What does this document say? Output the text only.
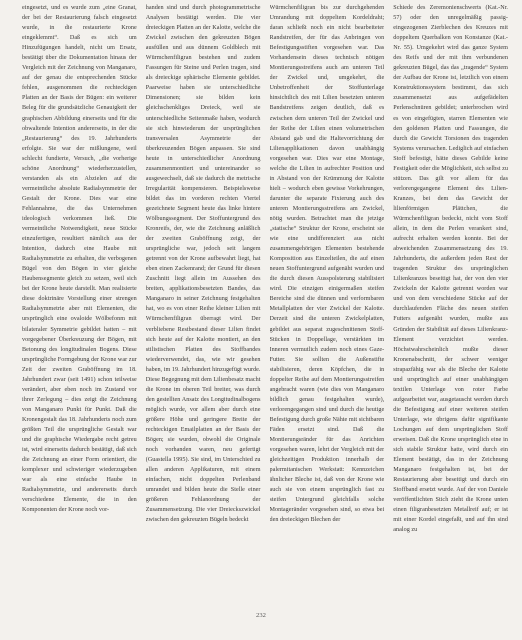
eingesetzt, und es wurde zum „eine Granat, der bei der Restaurierung falsch eingesetzt wurde, in die restaurierte Krone eingeklemmt“. Daß es sich um Hinzufügungen handelt, nicht um Ersatz, bestätigt über die Dokumentation hinaus der Vergleich mit der Zeichnung von Manganaro, auf der genau die entsprechenden Stücke fehlen, ausgenommen die rechteckigen Platten an der Basis der Bügen: ein weiterer Beleg für die grundsätzliche Genauigkeit der graphischen Abbildung einerseits und für die obwaltende Intention andererseits, in der die „Restaurierung“ des 19. Jahrhunderts erfolgte. Sie war der mißlungene, weil schlecht fundierte, Versuch, „die vorherige schöne Anordnung“ wiederherzustellen, verstanden als ein Abzielen auf die vermeintliche absolute Radialsymmetrie der Gestalt der Krone. Dies war eine Fehlannahme, die das Unternehmen ideologisch verkommen ließ. Die vermeintliche Notwendigkeit, neue Stücke einzufertigen, resultiert nämlich aus der Intention, dadurch eine Haube mit Radialsymmetrie zu erhalten, die verbogenen Bügel von den Bögen in vier gleiche Haubensegmente gleich zu setzen, weil sich bei der Krone heute darstellt. Man realisierte diese doktrinäre Vorstellung einer strengen Radialsymmetrie aber mit Elementen, die ursprünglich eine ovaloide Wölbefonm mit bilateraler Symmetrie gebildet hatten – mit vorgegebener Überkreuzung der Bögen, mit Betonung des longitudinalen Bogens. Diese ursprüngliche Formgebung der Krone war zur Zeit der zweiten Graböffnung im 18. Jahrhundert zwar (seit 1491) schon teilweise verändert, aber eben noch im Zustand vor ihrer Zerlegung – dies zeigt die Zeichnung von Manganaro Punkt für Punkt. Daß die Kronengestalt das 18. Jahrhunderts noch zum größten Teil die ursprüngliche Gestalt war und die graphische Wiedergabe recht getreu ist, wird einerseits dadurch bestätigt, daß sich die Zeichnung an einer Form orientiert, die komplexer und schwieriger wiederzugeben war als eine einfache Haube in Radialsymmetrie, und andererseits durch verschiedene Elemente, die in den Komponenten der Krone noch vor-

handen sind und durch photogrammetrische Analysen bestätigt werden. Die vier dreieckigen Platten an der Kalotte, welche die Zwickel zwischen den gekreuzten Bögen ausfüllen und aus dünnem Goldblech mit Würmchenfiligran bestehen und zudem Fassungen für Steine und Perlen tragen, sind als dreieckige sphärische Elemente gebildet. Paarweise haben sie unterschiedliche Dimensionen; sie bilden kein gleichschenkliges Dreieck, weil sie unterschiedliche Seitenmaße haben, wodurch sie sich hinwiederum der ursprünglichen transversalen Asymmetrie der überkreuzenden Bögen anpassen. Sie sind heute in unterschiedlicher Anordnung zusammenmontiert und untereinander so ausgewechselt, daß sie dadurch die metrische Irregularität kompensieren. Beispielsweise bildet das im vorderen rechten Viertel gezeichnete Segment heute das linke hintere Wölbungssegment. Der Stoffuntergrund des Kronreifs, der, wie die Zeichnung anläßlich der zweiten Graböffnung zeigt, der ursprüngliche war, jedoch seit langem getrennt von der Krone aufbewahrt liegt, hat eben einen Zackenrand; der Grund für diesen Zuschnitt liegt allein im Aussehen des breiten, applikationsbesetzten Bandes, das Manganaro in seiner Zeichnung festgehalten hat, wo es von einer Reihe kleiner Lilien mit Würmchenfiligran überragt wird. Der verbliebene Restbestand dieser Lilien findet sich heute auf der Kalotte montiert, an den stilistischen Platten des Stoffbandes wiederverwendet, das, wie wir gesehen haben, im 19. Jahrhundert hinzugefügt wurde. Diese Begegnung mit dem Lilienbesatz macht die Krone im oberen Teil breiter, was durch den gestellten Ansatz des Longitudinalbogens möglich wurde, vor allem aber durch eine größere Höhe und geringere Breite der rechteckigen Emailplatten an der Basis der Bögen; sie wurden, obwohl die Originale noch vorhanden waren, neu gefertigt (Guastella 1995). Sie sind, im Unterschied zu allen anderen Applikaturen, mit einem einfachen, nicht doppelten Perlenband umrandet und bilden heute die Stelle einer größeren Fehlanordnung der Zusammensetzung. Die vier Dreieckszwickel zwischen den gekreuzten Bügeln bedeckt

Würmchenfiligran bis zur durchgehenden Umrandung mit doppeltem Kordeldraht; daran schließt noch ein nicht bearbeiteter Randstreifen, der für das Anbringen von Befestigungsstiften vorgesehen war. Das Vorhandensein dieses technisch nötigen Montierungsstreifens auch am unteren Teil der Zwickel und, umgekehrt, die Unbetroffenheit der Stoffunterlage hinsichtlich des mit Lilien besetzten unteren Bandstreifens zeigen deutlich, daß es zwischen dem unteren Teil der Zwickel und der Reihe der Lilien einen volumetrischen Abstand gab und die Haltevorrichtung der Lilienapplikationen davon unabhängig vorgesehen war. Dies war eine Montage, welche die Lilien in aufrechter Position und in Abstand von der Krümmung der Kalotte hielt – wodurch eben gewisse Vorkehrungen, darunter die separate Fixierung auch des unteren Montierungsstreifens am Zwickel, nötig wurden. Betrachtet man die jetzige „statische“ Struktur der Krone, erscheint sie wie eine undifferenziert aus nicht zusammengehörigen Elementen bestehende Komposition aus Einzelteilen, die auf einen neuen Stoffuntergrund aufgenäht wurden und die durch diesen Ausspolsterung stabilisiert wird. Die einzigen einigermaßen steifen Bereiche sind die dünnen und verformbaren Metallplatten der vier Zwickel der Kalotte. Derzeit sind die unteren Zwickelplatten, gebildet aus separat zugeschnittenen Stoff-Stücken in Doppellage, verstärkten im Inneren vermutlich zudem noch eines Gaze-Futter. Sie sollten die Außenstifte stabilisieren, deren Köpfchen, die in doppelter Reihe auf dem Montierungsstreifen angebracht waren (wie dies von Manganaro bildlich genau festgehalten wurde), verlorengegangen sind und durch die heutige Befestigung durch große Nähte mit sichtbaren Fäden ersetzt sind. Daß die Montierungsränder für das Anrichten vorgesehen waren, lehrt der Vergleich mit der gleichzeitigen Produktion innerhalb der palermitanischen Werkstatt: Kennzeichen ähnlicher Bleche ist, daß von der Krone wie auch sie von einem ursprünglich fast zu steifen Untergrund gleichfalls solche Montageränder vorgesehen sind, so etwa bei den dreieckigen Blechen der

Schiede des Zeremonienschwerts (Kat.-Nr. 57) oder den unregelmäßig passig-eingezogenen Zierblechen des Kreuzes mit doppeltem Querbalken von Konstanze (Kat.-Nr. 55). Umgekehrt wird das ganze System des Reifs und der mit ihm verbundenen gekreuzten Bügel, das das „tragende“ System der Aufbau der Krone ist, letztlich von einem Konstruktionssystem bestimmt, das sich zusammensetzt aus aufgefädelten Perlenschnüren gebildet; unterbrochen wird es von eingefügten, starren Elementen wie den goldenen Platten und Fassungen, die durch die Gewicht Torsionen des tragenden Systems verursachen. Lediglich auf einfachen Stoff befestigt, hätte dieses Gebilde keine Festigkeit oder die Möglichkeit, sich selbst zu stützen. Das gilt vor allem für das verlorengegangene Element des Lilien-Kranzes, bei dem das Gewicht der lilienförmigen Plättchen, die Würmchenfiligran bedeckt, nicht vom Stoff allein, in dem die Perlen verankert sind, aufrecht erhalten werden konnte. Bei der abweichenden Zusammensetzung des 19. Jahrhunderts, die außerdem jeden Rest der tragenden Struktur des ursprünglichen Lilienkranzes beseitigt hat, der von den vier Zwickeln der Kalotte getrennt worden war und von dem verschiedene Stücke auf der durchlaufenden Fläche des neuen steifen Futters aufgenäht wurden, mußte aus Gründen der Stabilität auf dieses Lilienkranz-Element verzichtet werden. Höchstwahrscheinlich mußte dieser Kronenabschnitt, der schwer weniger strapazfähig war als die Bleche der Kalotte und ursprünglich auf einer unabhängigen textilen Unterlage von roter Farbe aufgearbeitet war, ausgetauscht werden durch die Befestigung auf einer weiteren steifen Unterlage, wie übrigens dafür signifikante Lochungen auf dem ursprünglichen Stoff erweisen. Daß die Krone ursprünglich eine in sich stabile Struktur hatte, wird durch ein Element bestätigt, das in der Zeichnung Manganaro festgehalten ist, bei der Restaurierung aber beseitigt und durch ein Stoffband ersetzt wurde. Auf der von Daniele veröffentlichten Stich zieht die Krone unten einen filigranbesetzten Metallreif auf; er ist mit einer Kordel eingefaßt, und auf ihn sind analog zu

232
